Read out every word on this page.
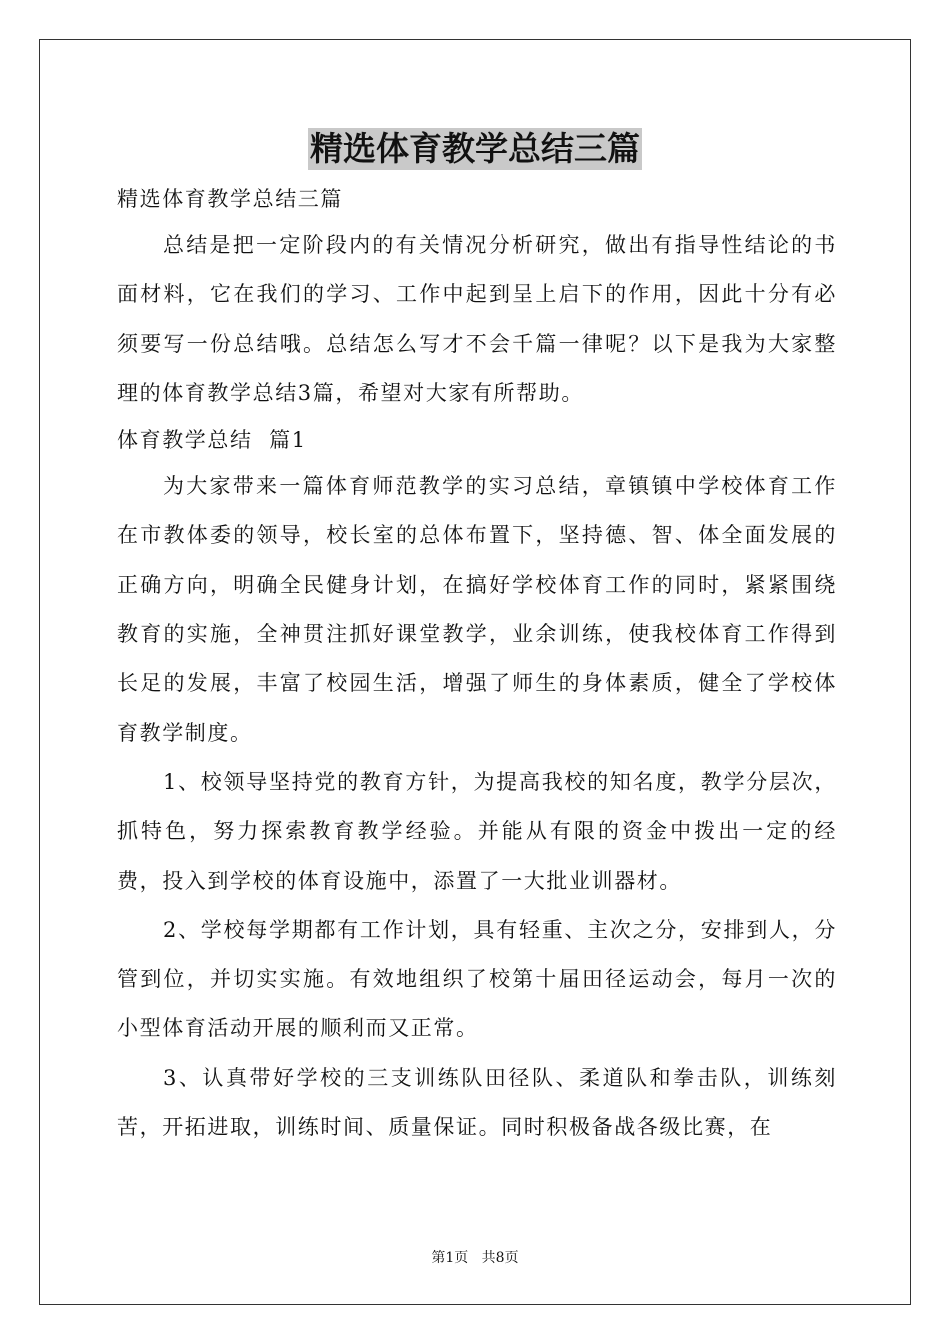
精选体育教学总结三篇

精选体育教学总结三篇

总结是把一定阶段内的有关情况分析研究，做出有指导性结论的书面材料，它在我们的学习、工作中起到呈上启下的作用，因此十分有必须要写一份总结哦。总结怎么写才不会千篇一律呢？以下是我为大家整理的体育教学总结3篇，希望对大家有所帮助。

体育教学总结  篇1

为大家带来一篇体育师范教学的实习总结，章镇镇中学校体育工作在市教体委的领导，校长室的总体布置下，坚持德、智、体全面发展的正确方向，明确全民健身计划，在搞好学校体育工作的同时，紧紧围绕教育的实施，全神贯注抓好课堂教学，业余训练，使我校体育工作得到长足的发展，丰富了校园生活，增强了师生的身体素质，健全了学校体育教学制度。

1、校领导坚持党的教育方针，为提高我校的知名度，教学分层次，抓特色，努力探索教育教学经验。并能从有限的资金中拨出一定的经费，投入到学校的体育设施中，添置了一大批业训器材。

2、学校每学期都有工作计划，具有轻重、主次之分，安排到人，分管到位，并切实实施。有效地组织了校第十届田径运动会，每月一次的小型体育活动开展的顺利而又正常。

3、认真带好学校的三支训练队田径队、柔道队和拳击队，训练刻苦，开拓进取，训练时间、质量保证。同时积极备战各级比赛，在

第1页 共8页
